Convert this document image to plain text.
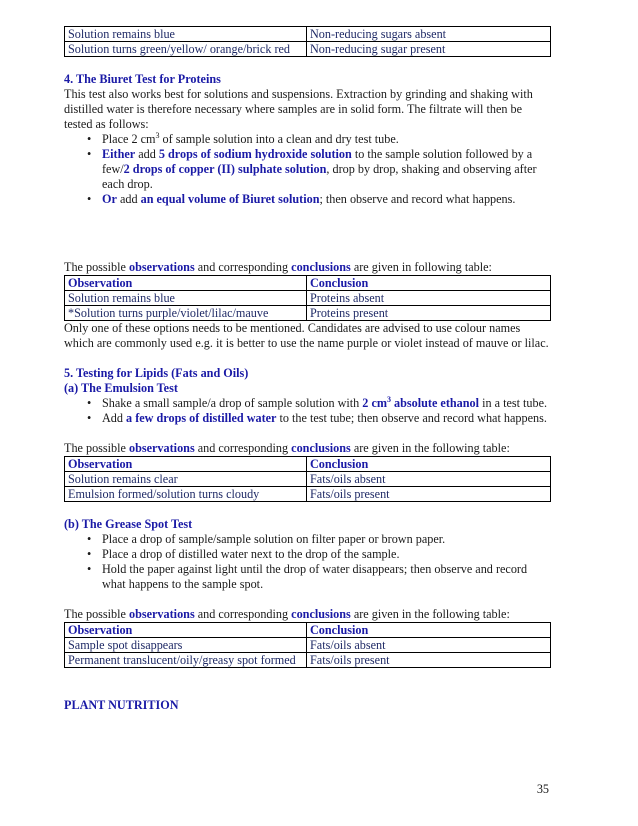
Solution remains blue	Non-reducing sugars absent
Solution turns green/yellow/ orange/brick red	Non-reducing sugar present
4. The Biuret Test for Proteins

This test also works best for solutions and suspensions. Extraction by grinding and shaking with distilled water is therefore necessary where samples are in solid form. The filtrate will then be tested as follows:

• Place 2 $cm^3$ of sample solution into a clean and dry test tube.
• Either add 5 drops of sodium hydroxide solution to the sample solution followed by a few/2 drops of copper (II) sulphate solution, drop by drop, shaking and observing after each drop.
• Or add an equal volume of Biuret solution; then observe and record what happens.

The possible observations and corresponding conclusions are given in following table:

Observation	Conclusion
Solution remains blue	Proteins absent
*Solution turns purple/violet/lilac/mauve	Proteins present

Only one of these options needs to be mentioned. Candidates are advised to use colour names which are commonly used e.g. it is better to use the name purple or violet instead of mauve or lilac.

5. Testing for Lipids (Fats and Oils)
(a) The Emulsion Test
• Shake a small sample/a drop of sample solution with 2 $cm^3$ absolute ethanol in a test tube.
• Add a few drops of distilled water to the test tube; then observe and record what happens.

The possible observations and corresponding conclusions are given in the following table:

Observation	Conclusion
Solution remains clear	Fats/oils absent
Emulsion formed/solution turns cloudy	Fats/oils present
(b) The Grease Spot Test
• Place a drop of sample/sample solution on filter paper or brown paper.
• Place a drop of distilled water next to the drop of the sample.
• Hold the paper against light until the drop of water disappears; then observe and record what happens to the sample spot.

The possible observations and corresponding conclusions are given in the following table:

Observation	Conclusion
Sample spot disappears	Fats/oils absent
Permanent translucent/oily/greasy spot formed	Fats/oils present
PLANT NUTRITION
35
